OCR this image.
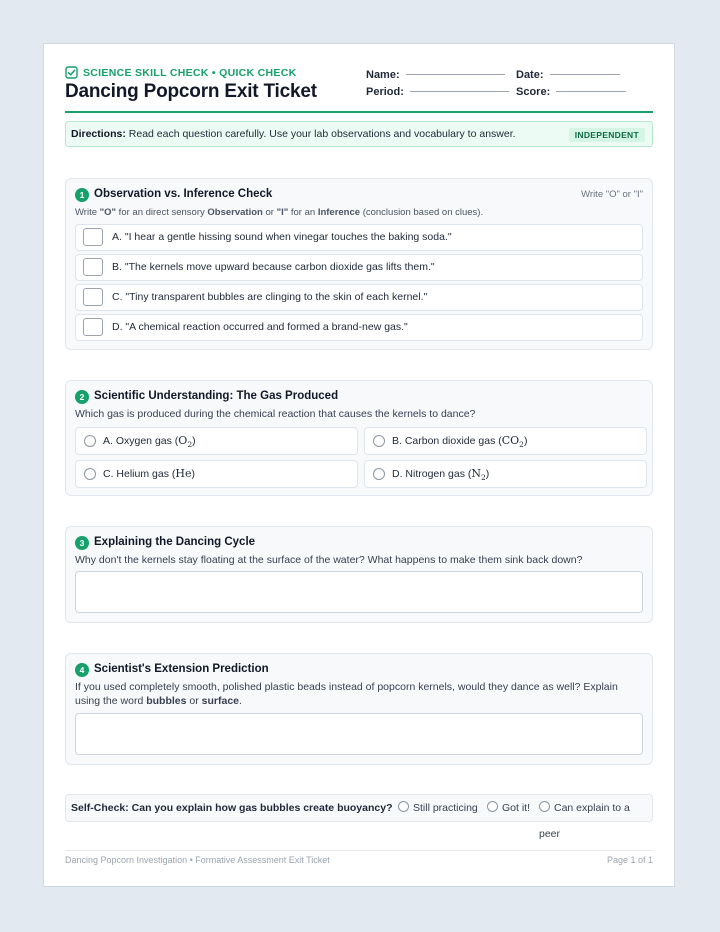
SCIENCE SKILL CHECK • QUICK CHECK
Dancing Popcorn Exit Ticket
Name:	Date:
Period:	Score:
Directions: Read each question carefully. Use your lab observations and vocabulary to answer.	INDEPENDENT
1 Observation vs. Inference Check	Write "O" or "I"
Write "O" for an direct sensory Observation or "I" for an Inference (conclusion based on clues).
A. "I hear a gentle hissing sound when vinegar touches the baking soda."
B. "The kernels move upward because carbon dioxide gas lifts them."
C. "Tiny transparent bubbles are clinging to the skin of each kernel."
D. "A chemical reaction occurred and formed a brand-new gas."
2 Scientific Understanding: The Gas Produced
Which gas is produced during the chemical reaction that causes the kernels to dance?
A. Oxygen gas $(O_2)$	B. Carbon dioxide gas $(CO_2)$
C. Helium gas (He)	D. Nitrogen gas $(N_2)$
3 Explaining the Dancing Cycle
Why don't the kernels stay floating at the surface of the water? What happens to make them sink back down?
4 Scientist's Extension Prediction
If you used completely smooth, polished plastic beads instead of popcorn kernels, would they dance as well? Explain using the word bubbles or surface.
Self-Check: Can you explain how gas bubbles create buoyancy?	Still practicing	Got it!	Can explain to a peer
Dancing Popcorn Investigation • Formative Assessment Exit Ticket	Page 1 of 1
